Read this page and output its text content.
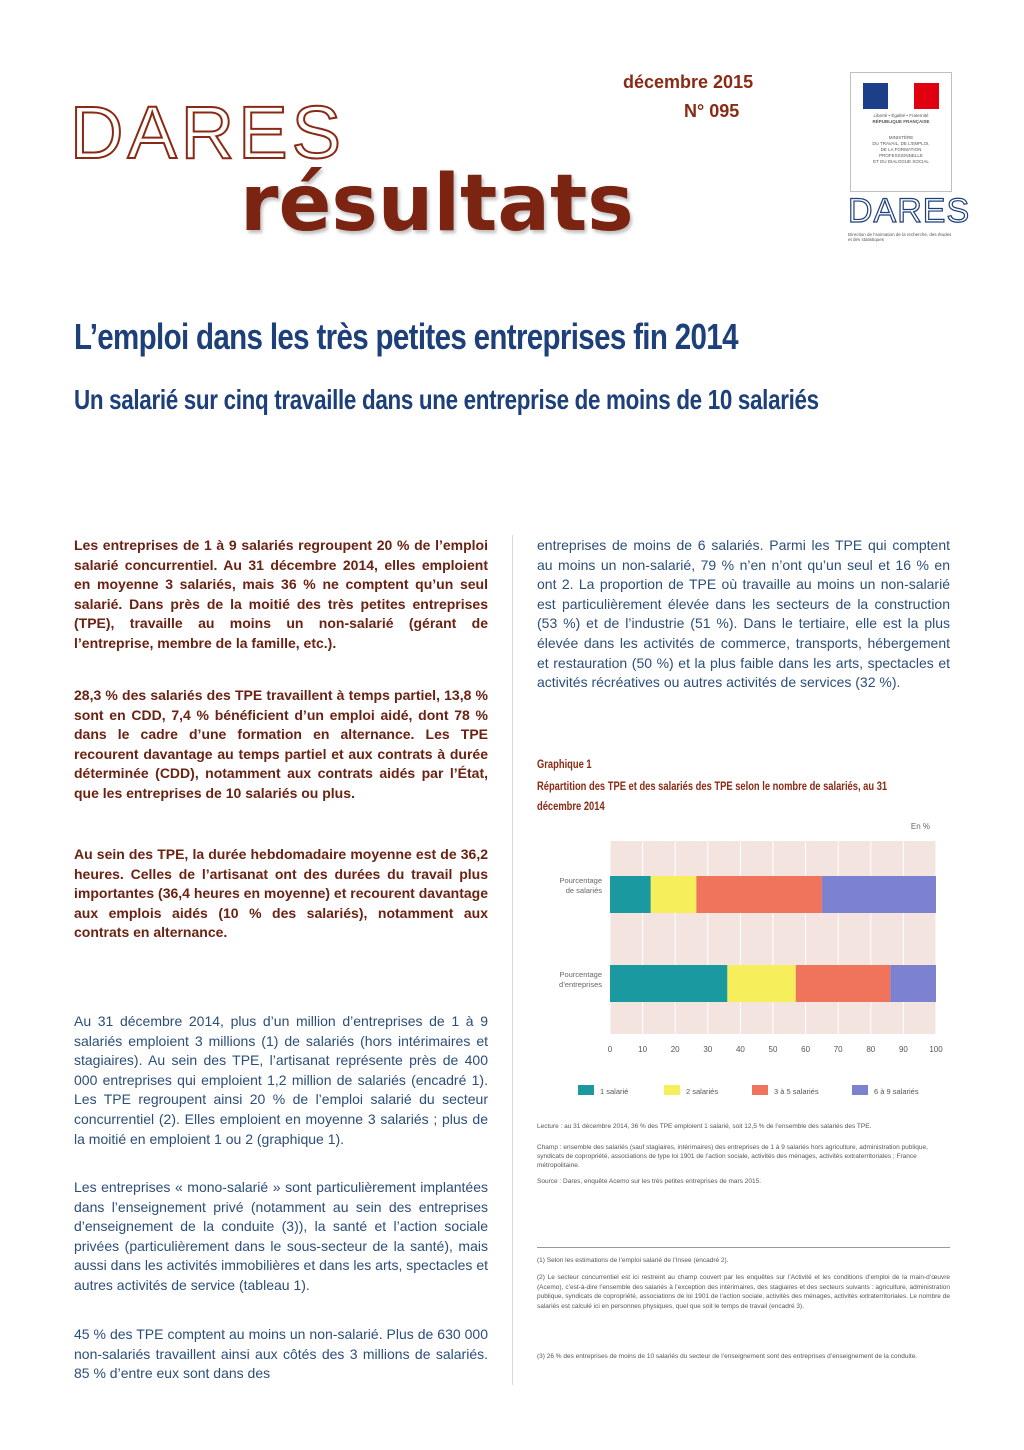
décembre 2015
N° 095
DARES
résultats
Liberté • Égalité • Fraternité
RÉPUBLIQUE FRANÇAISE
MINISTÈRE
DU TRAVAIL, DE L'EMPLOI,
DE LA FORMATION
PROFESSIONNELLE
ET DU DIALOGUE SOCIAL
DARES
Direction de l'animation de la recherche, des études et des statistiques
L’emploi dans les très petites entreprises fin 2014
Un salarié sur cinq travaille dans une entreprise de moins de 10 salariés
Les entreprises de 1 à 9 salariés regroupent 20 % de l’emploi salarié concurrentiel. Au 31 décembre 2014, elles emploient en moyenne 3 salariés, mais 36 % ne comptent qu’un seul salarié. Dans près de la moitié des très petites entreprises (TPE), travaille au moins un non-salarié (gérant de l’entreprise, membre de la famille, etc.).
28,3 % des salariés des TPE travaillent à temps partiel, 13,8 % sont en CDD, 7,4 % bénéficient d’un emploi aidé, dont 78 % dans le cadre d’une formation en alternance. Les TPE recourent davantage au temps partiel et aux contrats à durée déterminée (CDD), notamment aux contrats aidés par l’État, que les entreprises de 10 salariés ou plus.
Au sein des TPE, la durée hebdomadaire moyenne est de 36,2 heures. Celles de l’artisanat ont des durées du travail plus importantes (36,4 heures en moyenne) et recourent davantage aux emplois aidés (10 % des salariés), notamment aux contrats en alternance.
Au 31 décembre 2014, plus d’un million d’entreprises de 1 à 9 salariés emploient 3 millions (1) de salariés (hors intérimaires et stagiaires). Au sein des TPE, l’artisanat représente près de 400 000 entreprises qui emploient 1,2 million de salariés (encadré 1). Les TPE regroupent ainsi 20 % de l’emploi salarié du secteur concurrentiel (2). Elles emploient en moyenne 3 salariés ; plus de la moitié en emploient 1 ou 2 (graphique 1).
Les entreprises « mono-salarié » sont particulièrement implantées dans l’enseignement privé (notamment au sein des entreprises d’enseignement de la conduite (3)), la santé et l’action sociale privées (particulièrement dans le sous-secteur de la santé), mais aussi dans les activités immobilières et dans les arts, spectacles et autres activités de service (tableau 1).
45 % des TPE comptent au moins un non-salarié. Plus de 630 000 non-salariés travaillent ainsi aux côtés des 3 millions de salariés. 85 % d’entre eux sont dans des
entreprises de moins de 6 salariés. Parmi les TPE qui comptent au moins un non-salarié, 79 % n’en n’ont qu’un seul et 16 % en ont 2. La proportion de TPE où travaille au moins un non-salarié est particulièrement élevée dans les secteurs de la construction (53 %) et de l’industrie (51 %). Dans le tertiaire, elle est la plus élevée dans les activités de commerce, transports, hébergement et restauration (50 %) et la plus faible dans les arts, spectacles et activités récréatives ou autres activités de services (32 %).
Graphique 1
Répartition des TPE et des salariés des TPE selon le nombre de salariés, au 31 décembre 2014
En %
Pourcentage de salariés
Pourcentage d’entreprises
0	10	20	30	40	50	60	70	80	90	100
1 salarié	2 salariés	3 à 5 salariés	6 à 9 salariés
Lecture : au 31 décembre 2014, 36 % des TPE emploient 1 salarié, soit 12,5 % de l’ensemble des salariés des TPE.
Champ : ensemble des salariés (sauf stagiaires, intérimaires) des entreprises de 1 à 9 salariés hors agriculture, administration publique, syndicats de copropriété, associations de type loi 1901 de l’action sociale, activités des ménages, activités extraterritoriales ; France métropolitaine.
Source : Dares, enquête Acemo sur les très petites entreprises de mars 2015.
(1) Selon les estimations de l’emploi salarié de l’Insee (encadré 2).
(2) Le secteur concurrentiel est ici restreint au champ couvert par les enquêtes sur l’Activité et les conditions d’emploi de la main-d’œuvre (Acemo), c’est-à-dire l’ensemble des salariés à l’exception des intérimaires, des stagiaires et des secteurs suivants : agriculture, administration publique, syndicats de copropriété, associations de loi 1901 de l’action sociale, activités des ménages, activités extraterritoriales. Le nombre de salariés est calculé ici en personnes physiques, quel que soit le temps de travail (encadré 3).
(3) 26 % des entreprises de moins de 10 salariés du secteur de l’enseignement sont des entreprises d’enseignement de la conduite.
